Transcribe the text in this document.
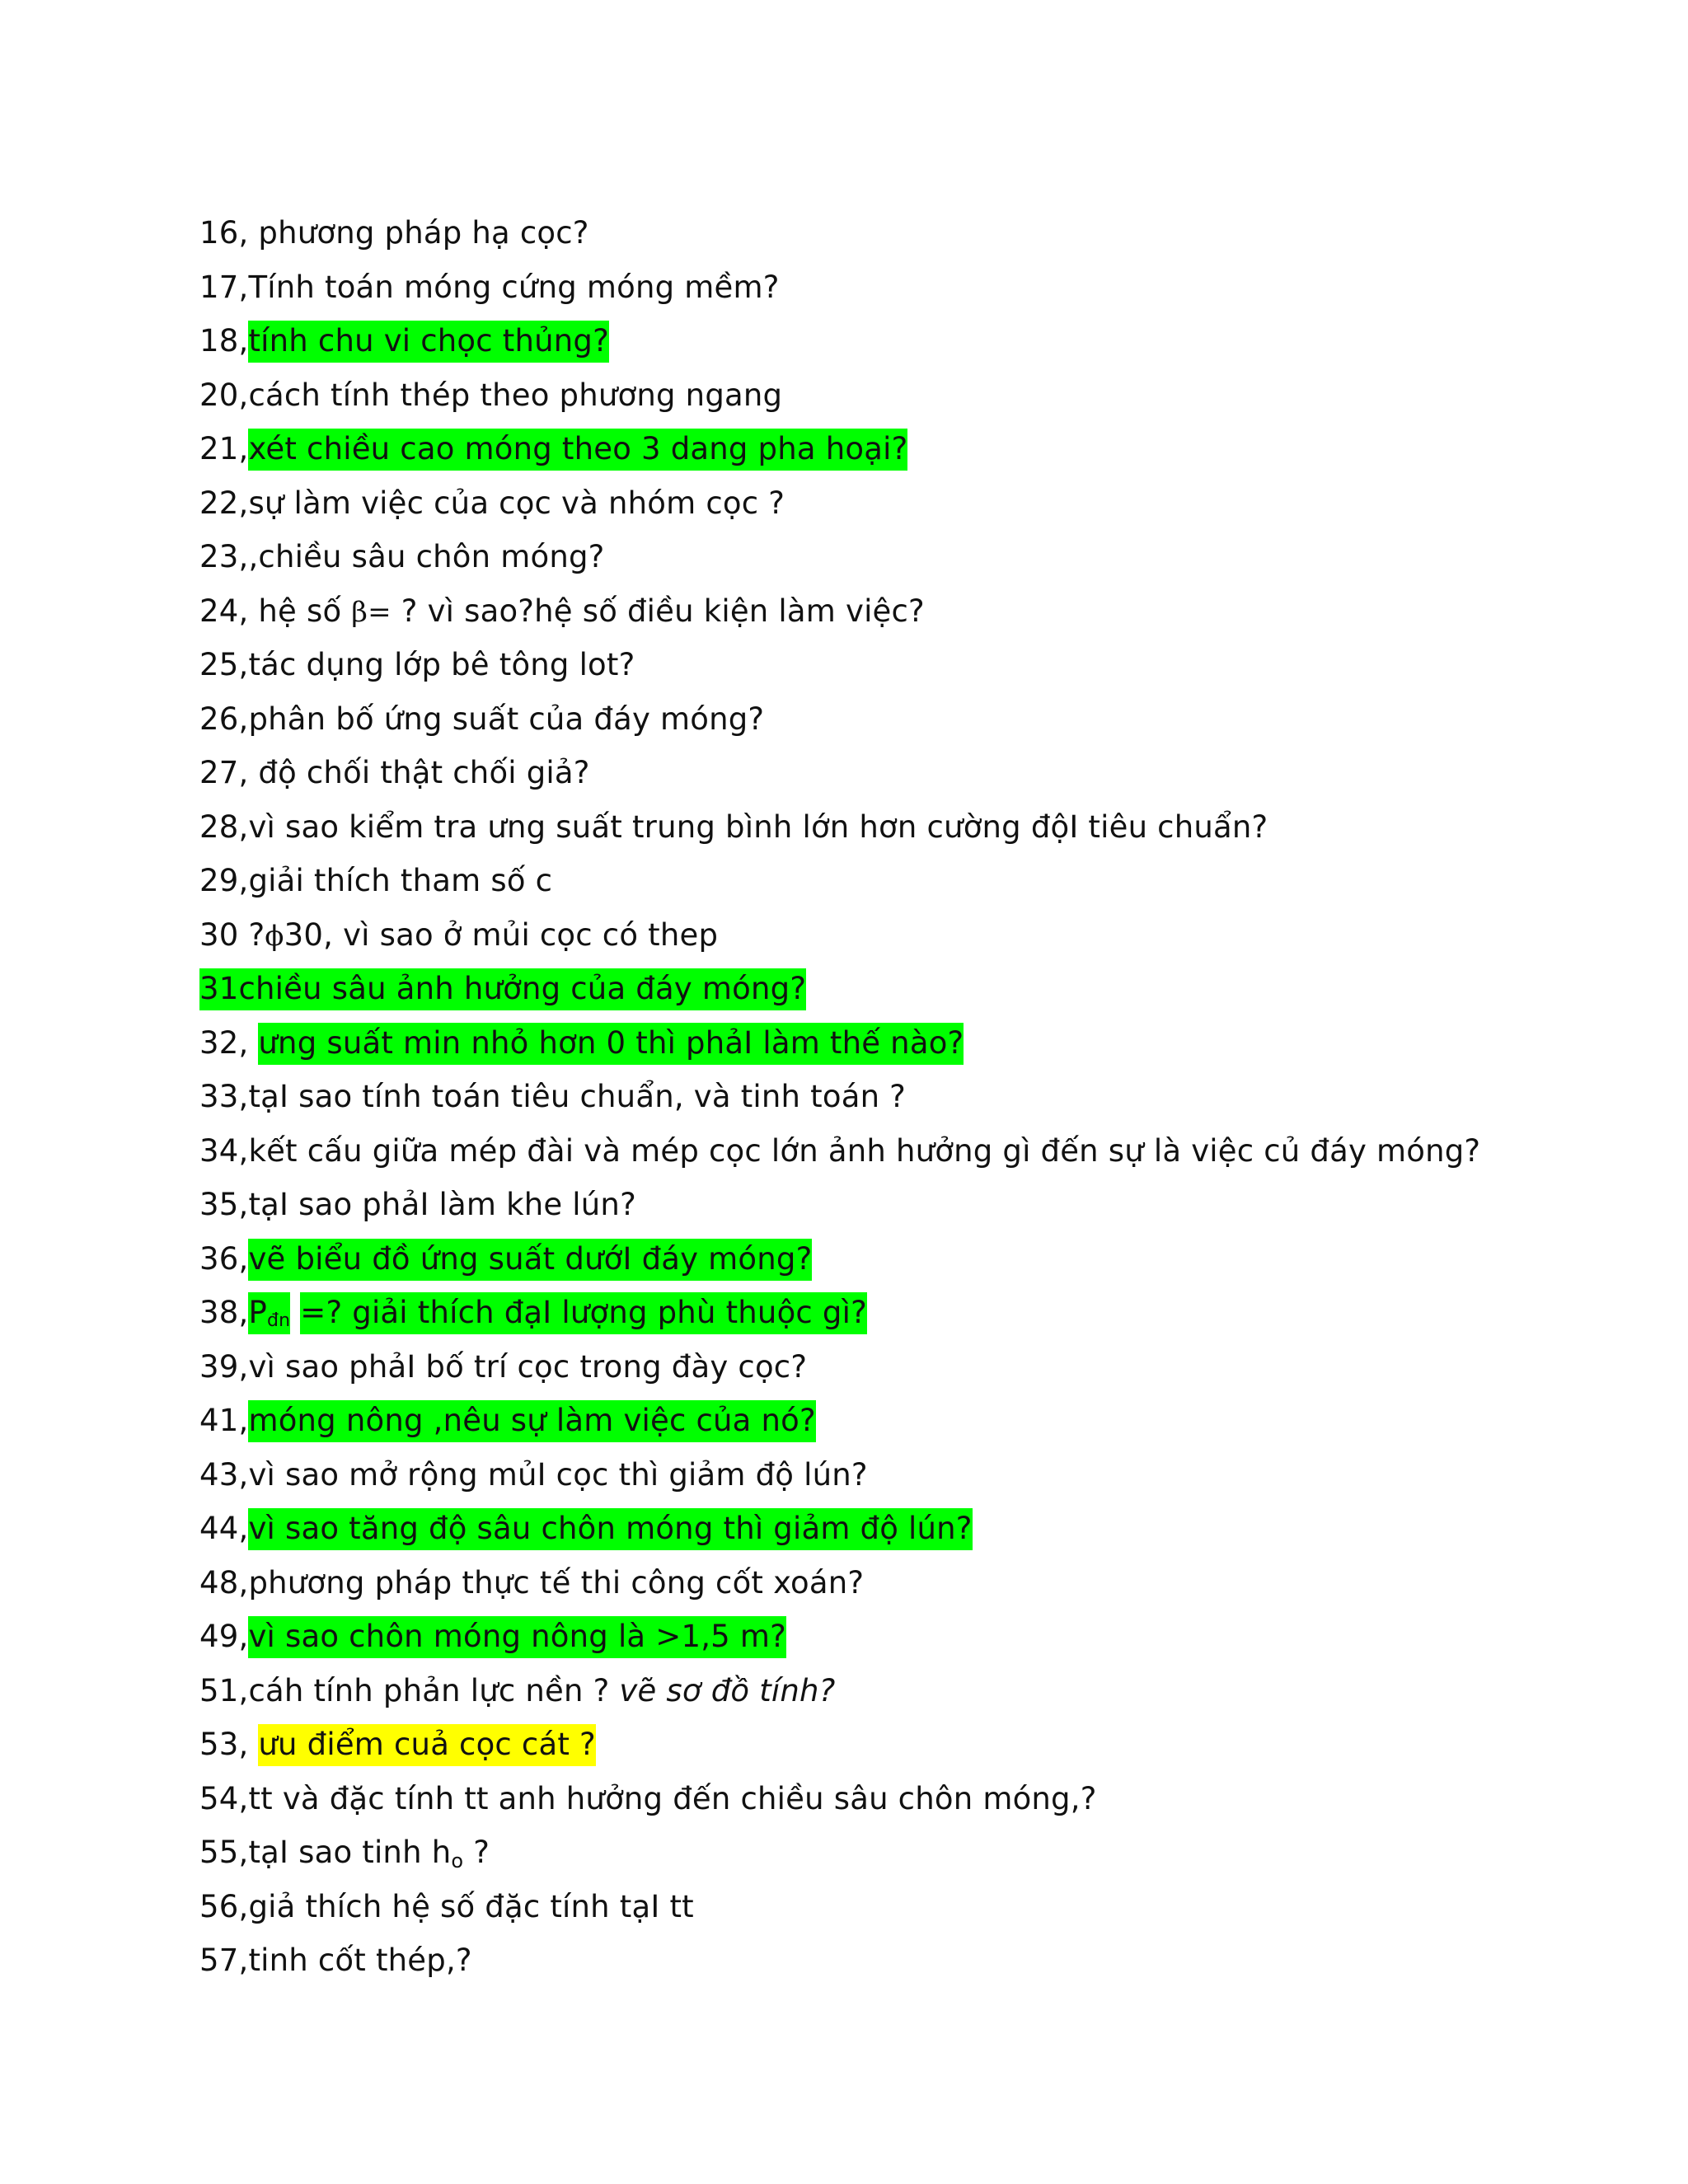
16, phương pháp hạ cọc?
17,Tính toán móng cứng móng mềm?
18,tính chu vi chọc thủng?
20,cách tính thép theo phương ngang
21,xét chiều cao móng theo 3 dang pha hoại?
22,sự làm việc của cọc và nhóm cọc ?
23,,chiều sâu chôn móng?
24, hệ số β= ? vì sao?hệ số điều kiện làm việc?
25,tác dụng lớp bê tông lot?
26,phân bố ứng suất của đáy móng?
27, độ chối thật chối giả?
28,vì sao kiểm tra ưng suất trung bình lớn hơn cường độI tiêu chuẩn?
29,giải thích tham số c
30 ?ϕ30, vì sao ở mủi cọc có thep
31chiều sâu ảnh hưởng của đáy móng?
32, ưng suất min nhỏ hơn 0 thì phảI làm thế nào?
33,tạI sao tính toán tiêu chuẩn, và tinh toán ?
34,kết cấu giữa mép đài và mép cọc lớn ảnh hưởng gì đến sự là việc củ đáy móng?
35,tạI sao phảI làm khe lún?
36,vẽ biểu đồ ứng suất dướI đáy móng?
38,Pđn =? giải thích đạI lượng phù thuộc gì?
39,vì sao phảI bố trí cọc trong đày cọc?
41,móng nông ,nêu sự làm việc của nó?
43,vì sao mở rộng mủI cọc thì giảm độ lún?
44,vì sao tăng độ sâu chôn móng thì giảm độ lún?
48,phương pháp thực tế thi công cốt xoán?
49,vì sao chôn móng nông là >1,5 m?
51,cáh tính phản lực nền ? vẽ sơ đồ tính?
53, ưu điểm cuả cọc cát ?
54,tt và đặc tính tt anh hưởng đến chiều sâu chôn móng,?
55,tạI sao tinh ho ?
56,giả thích hệ số đặc tính tạI tt
57,tinh cốt thép,?
